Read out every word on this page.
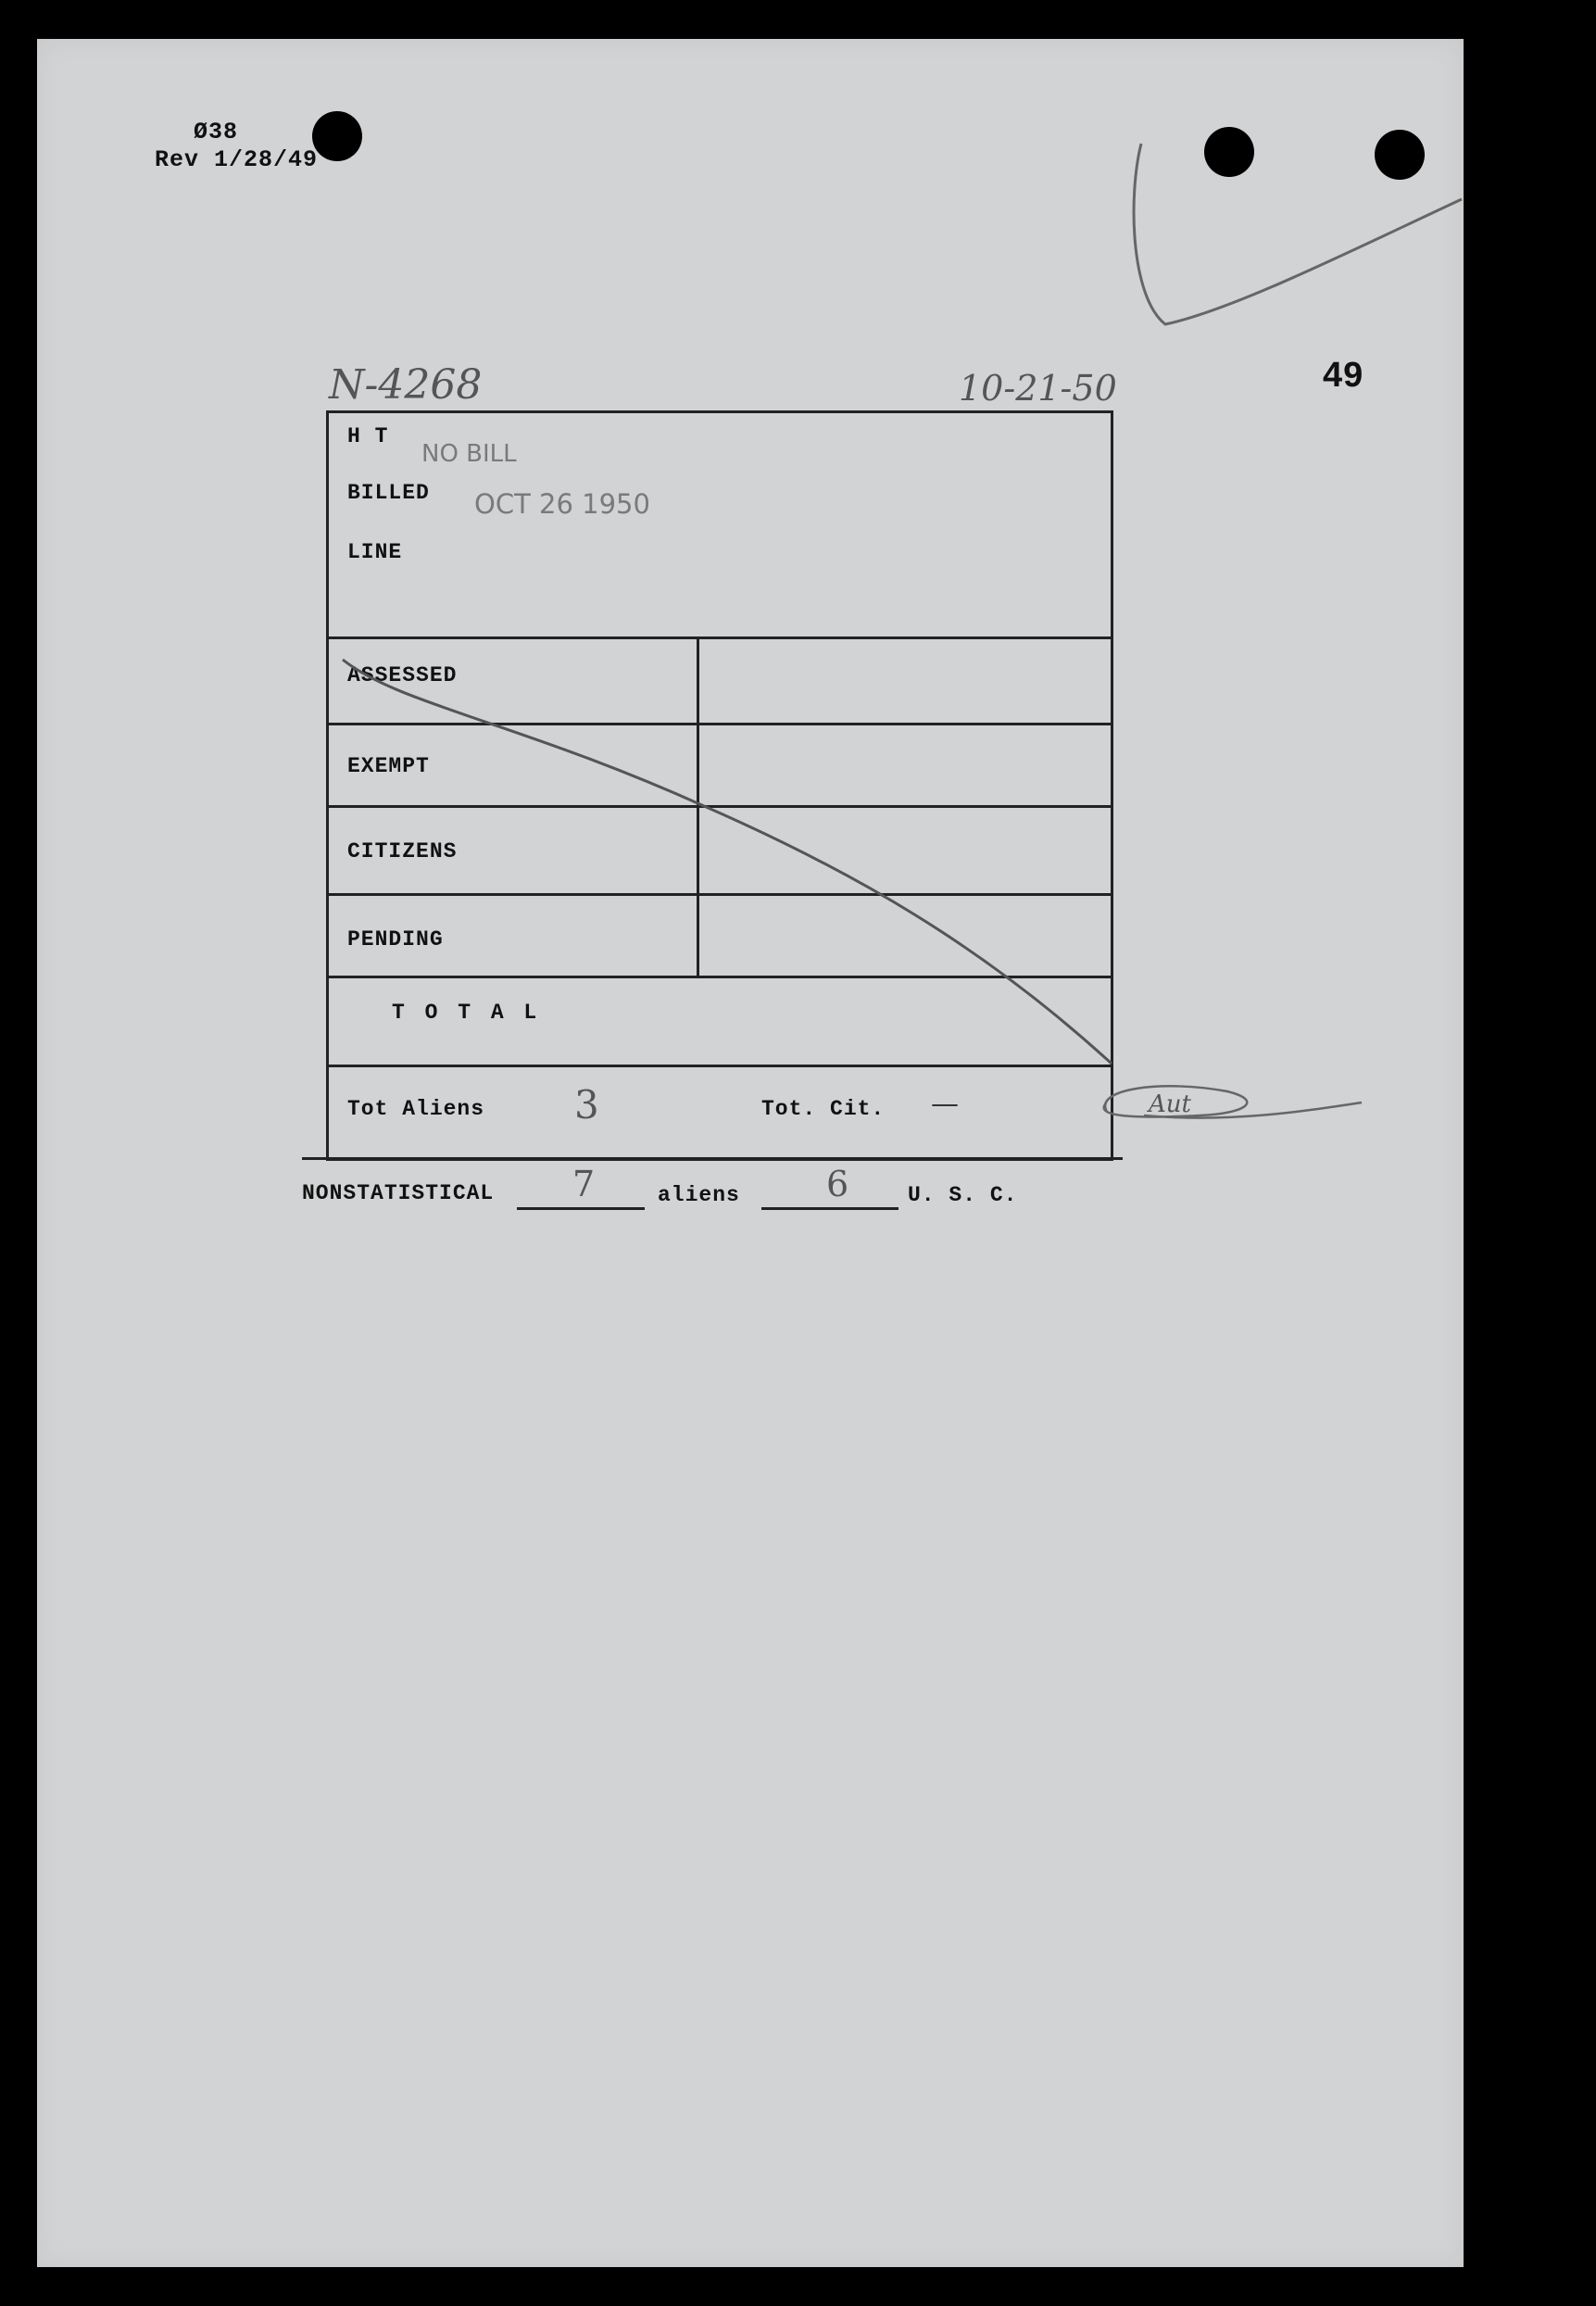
Ø38
Rev 1/28/49
49
N-4268	10-21-50
H T
BILLED
LINE
ASSESSED
EXEMPT
CITIZENS
PENDING
T O T A L
Tot Aliens 3	Tot. Cit. —
NO BILL
OCT 26 1950
Aut
NONSTATISTICAL 7	aliens 6	U. S. C.
